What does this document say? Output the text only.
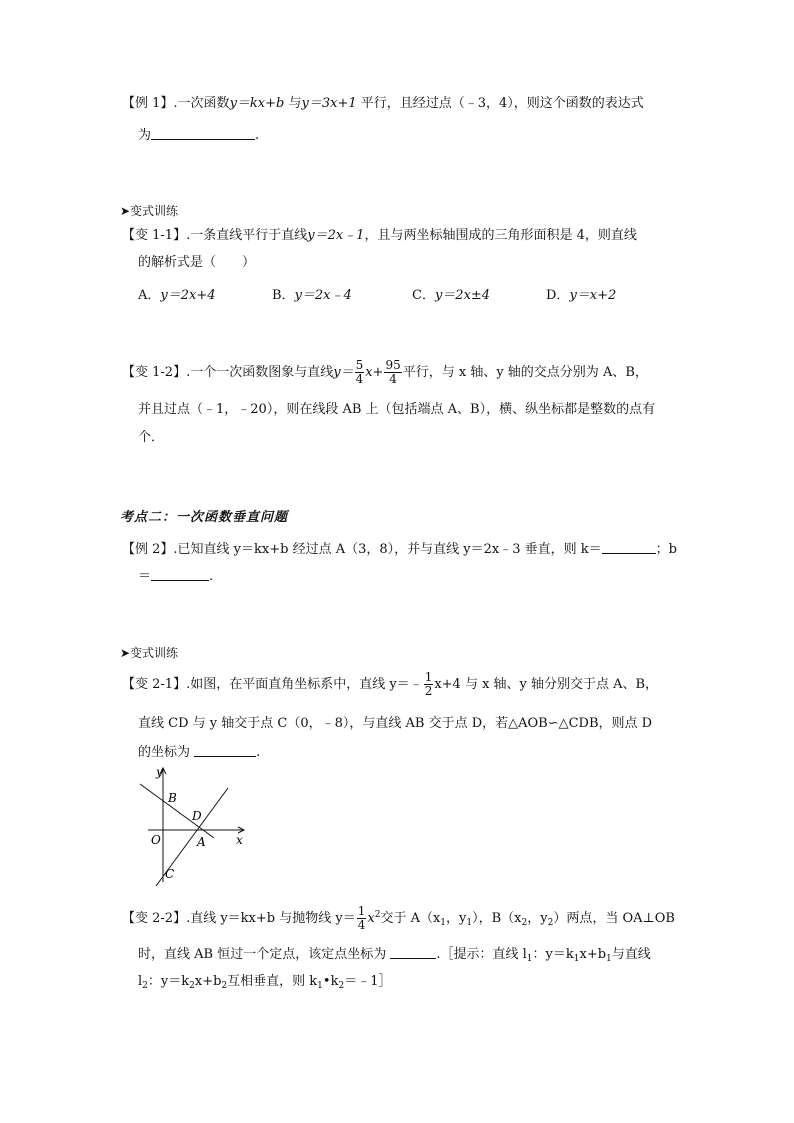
【例 1】.一次函数y＝kx+b 与y＝3x+1 平行，且经过点（﹣3，4），则这个函数的表达式
为	.
➤变式训练
【变 1-1】.一条直线平行于直线y＝2x﹣1，且与两坐标轴围成的三角形面积是 4，则直线
的解析式是（　　）
A．y＝2x+4	B．y＝2x﹣4	C．y＝2x±4	D．y＝x+2
【变 1-2】.一个一次函数图象与直线$y= \frac{5}{4} x+ \frac{95}{4}$ 平行，与 x 轴、y 轴的交点分别为 A、B，
并且过点（﹣1，﹣20），则在线段 AB 上（包括端点 A、B），横、纵坐标都是整数的点有
个．
考点二：一次函数垂直问题
【例 2】.已知直线 y＝kx+b 经过点 A（3，8），并与直线 y＝2x﹣3 垂直，则 k＝	；b
＝	.
➤变式训练
【变 2-1】.如图，在平面直角坐标系中，直线 y＝﹣ $\frac{1}{2} x+4$ 与 x 轴、y 轴分别交于点 A、B，
直线 CD 与 y 轴交于点 C（0，﹣8），与直线 AB 交于点 D，若△AOB∽△CDB，则点 D
的坐标为	.
y
x
B
D
O	A
C
【变 2-2】.直线 y＝kx+b 与抛物线 $y= \frac{1}{4} x^2$交于 $A(x_1$，$y_1$），$B(x_2$，$y_2$）两点，当 OA⊥OB
时，直线 AB 恒过一个定点，该定点坐标为	.［提示：直线 $l_1$：$y=k_1x+b_1$与直线
$l_2$：$y=k_2x+b_2$互相垂直，则 $k_1•k_2=﹣1]$
